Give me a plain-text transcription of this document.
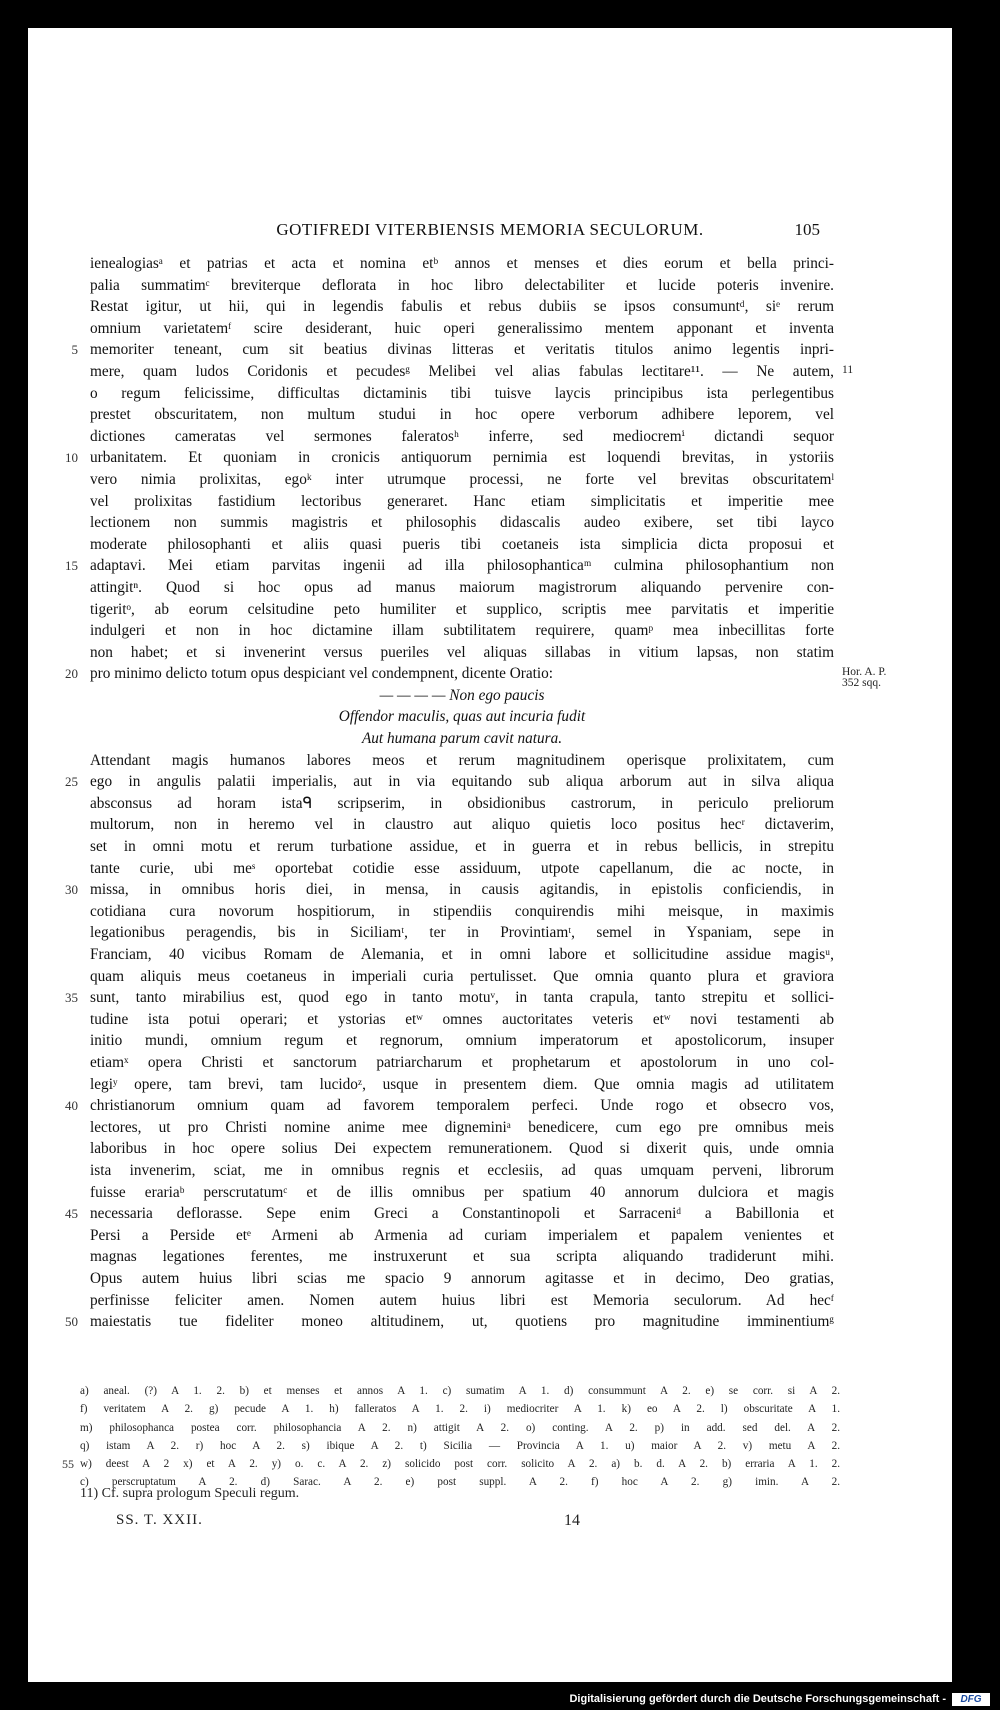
GOTIFREDI VITERBIENSIS MEMORIA SECULORUM.	105
ienealogiasᵃ et patrias et acta et nomina etᵇ annos et menses et dies eorum et bella princi-
palia summatimᶜ breviterque deflorata in hoc libro delectabiliter et lucide poteris invenire.
Restat igitur, ut hii, qui in legendis fabulis et rebus dubiis se ipsos consumuntᵈ, siᵉ rerum
omnium varietatemᶠ scire desiderant, huic operi generalissimo mentem apponant et inventa
5 memoriter teneant, cum sit beatius divinas litteras et veritatis titulos animo legentis inpri-
mere, quam ludos Coridonis et pecudesᵍ Melibei vel alias fabulas lectitare¹¹. — Ne autem, 11
o regum felicissime, difficultas dictaminis tibi tuisve laycis principibus ista perlegentibus
prestet obscuritatem, non multum studui in hoc opere verborum adhibere leporem, vel
dictiones cameratas vel sermones faleratosʰ inferre, sed mediocremⁱ dictandi sequor
10 urbanitatem. Et quoniam in cronicis antiquorum pernimia est loquendi brevitas, in ystoriis
vero nimia prolixitas, egoᵏ inter utrumque processi, ne forte vel brevitas obscuritatemˡ
vel prolixitas fastidium lectoribus generaret. Hanc etiam simplicitatis et imperitie mee
lectionem non summis magistris et philosophis didascalis audeo exibere, set tibi layco
moderate philosophanti et aliis quasi pueris tibi coetaneis ista simplicia dicta proposui et
15 adaptavi. Mei etiam parvitas ingenii ad illa philosophanticaᵐ culmina philosophantium non
attingitⁿ. Quod si hoc opus ad manus maiorum magistrorum aliquando pervenire con-
tigeritᵒ, ab eorum celsitudine peto humiliter et supplico, scriptis mee parvitatis et imperitie
indulgeri et non in hoc dictamine illam subtilitatem requirere, quamᵖ mea inbecillitas forte
non habet; et si invenerint versus pueriles vel aliquas sillabas in vitium lapsas, non statim
20 pro minimo delicto totum opus despiciant vel condempnent, dicente Oratio:	Hor. A. P.
352 sqq.
— — — — Non ego paucis
Offendor maculis, quas aut incuria fudit
Aut humana parum cavit natura.
Attendant magis humanos labores meos et rerum magnitudinem operisque prolixitatem, cum
25 ego in angulis palatii imperialis, aut in via equitando sub aliqua arborum aut in silva aliqua
absconsus ad horam istaᑫ scripserim, in obsidionibus castrorum, in periculo preliorum
multorum, non in heremo vel in claustro aut aliquo quietis loco positus hecʳ dictaverim,
set in omni motu et rerum turbatione assidue, et in guerra et in rebus bellicis, in strepitu
tante curie, ubi meˢ oportebat cotidie esse assiduum, utpote capellanum, die ac nocte, in
30 missa, in omnibus horis diei, in mensa, in causis agitandis, in epistolis conficiendis, in
cotidiana cura novorum hospitiorum, in stipendiis conquirendis mihi meisque, in maximis
legationibus peragendis, bis in Siciliamᵗ, ter in Provintiamᵗ, semel in Yspaniam, sepe in
Franciam, 40 vicibus Romam de Alemania, et in omni labore et sollicitudine assidue magisᵘ,
quam aliquis meus coetaneus in imperiali curia pertulisset. Que omnia quanto plura et graviora
35 sunt, tanto mirabilius est, quod ego in tanto motuᵛ, in tanta crapula, tanto strepitu et sollici-
tudine ista potui operari; et ystorias etʷ omnes auctoritates veteris etʷ novi testamenti ab
initio mundi, omnium regum et regnorum, omnium imperatorum et apostolicorum, insuper
etiamˣ opera Christi et sanctorum patriarcharum et prophetarum et apostolorum in uno col-
legiʸ opere, tam brevi, tam lucidoᶻ, usque in presentem diem. Que omnia magis ad utilitatem
40 christianorum omnium quam ad favorem temporalem perfeci. Unde rogo et obsecro vos,
lectores, ut pro Christi nomine anime mee digneminiᵃ benedicere, cum ego pre omnibus meis
laboribus in hoc opere solius Dei expectem remunerationem. Quod si dixerit quis, unde omnia
ista invenerim, sciat, me in omnibus regnis et ecclesiis, ad quas umquam perveni, librorum
fuisse erariaᵇ perscrutatumᶜ et de illis omnibus per spatium 40 annorum dulciora et magis
45 necessaria deflorasse. Sepe enim Greci a Constantinopoli et Sarraceniᵈ a Babillonia et
Persi a Perside etᵉ Armeni ab Armenia ad curiam imperialem et papalem venientes et
magnas legationes ferentes, me instruxerunt et sua scripta aliquando tradiderunt mihi.
Opus autem huius libri scias me spacio 9 annorum agitasse et in decimo, Deo gratias,
perfinisse feliciter amen. Nomen autem huius libri est Memoria seculorum. Ad hecᶠ
50 maiestatis tue fideliter moneo altitudinem, ut, quotiens pro magnitudine imminentiumᵍ
a) aneal. (?) A 1. 2. b) et menses et annos A 1. c) sumatim A 1. d) consummunt A 2. e) se corr. si A 2.
f) veritatem A 2. g) pecude A 1. h) falleratos A 1. 2. i) mediocriter A 1. k) eo A 2. l) obscuritate A 1.
m) philosophanca postea corr. philosophancia A 2. n) attigit A 2. o) conting. A 2. p) in add. sed del. A 2.
q) istam A 2. r) hoc A 2. s) ibique A 2. t) Sicilia — Provincia A 1. u) maior A 2. v) metu A 2.
55 w) deest A 2 x) et A 2. y) o. c. A 2. z) solicido post corr. solicito A 2. a) b. d. A 2. b) erraria A 1. 2.
c) perscruptatum A 2. d) Sarac. A 2. e) post suppl. A 2. f) hoc A 2. g) imin. A 2.
11) Cf. supra prologum Speculi regum.
SS. T. XXII.	14
Digitalisierung gefördert durch die Deutsche Forschungsgemeinschaft -	DFG
